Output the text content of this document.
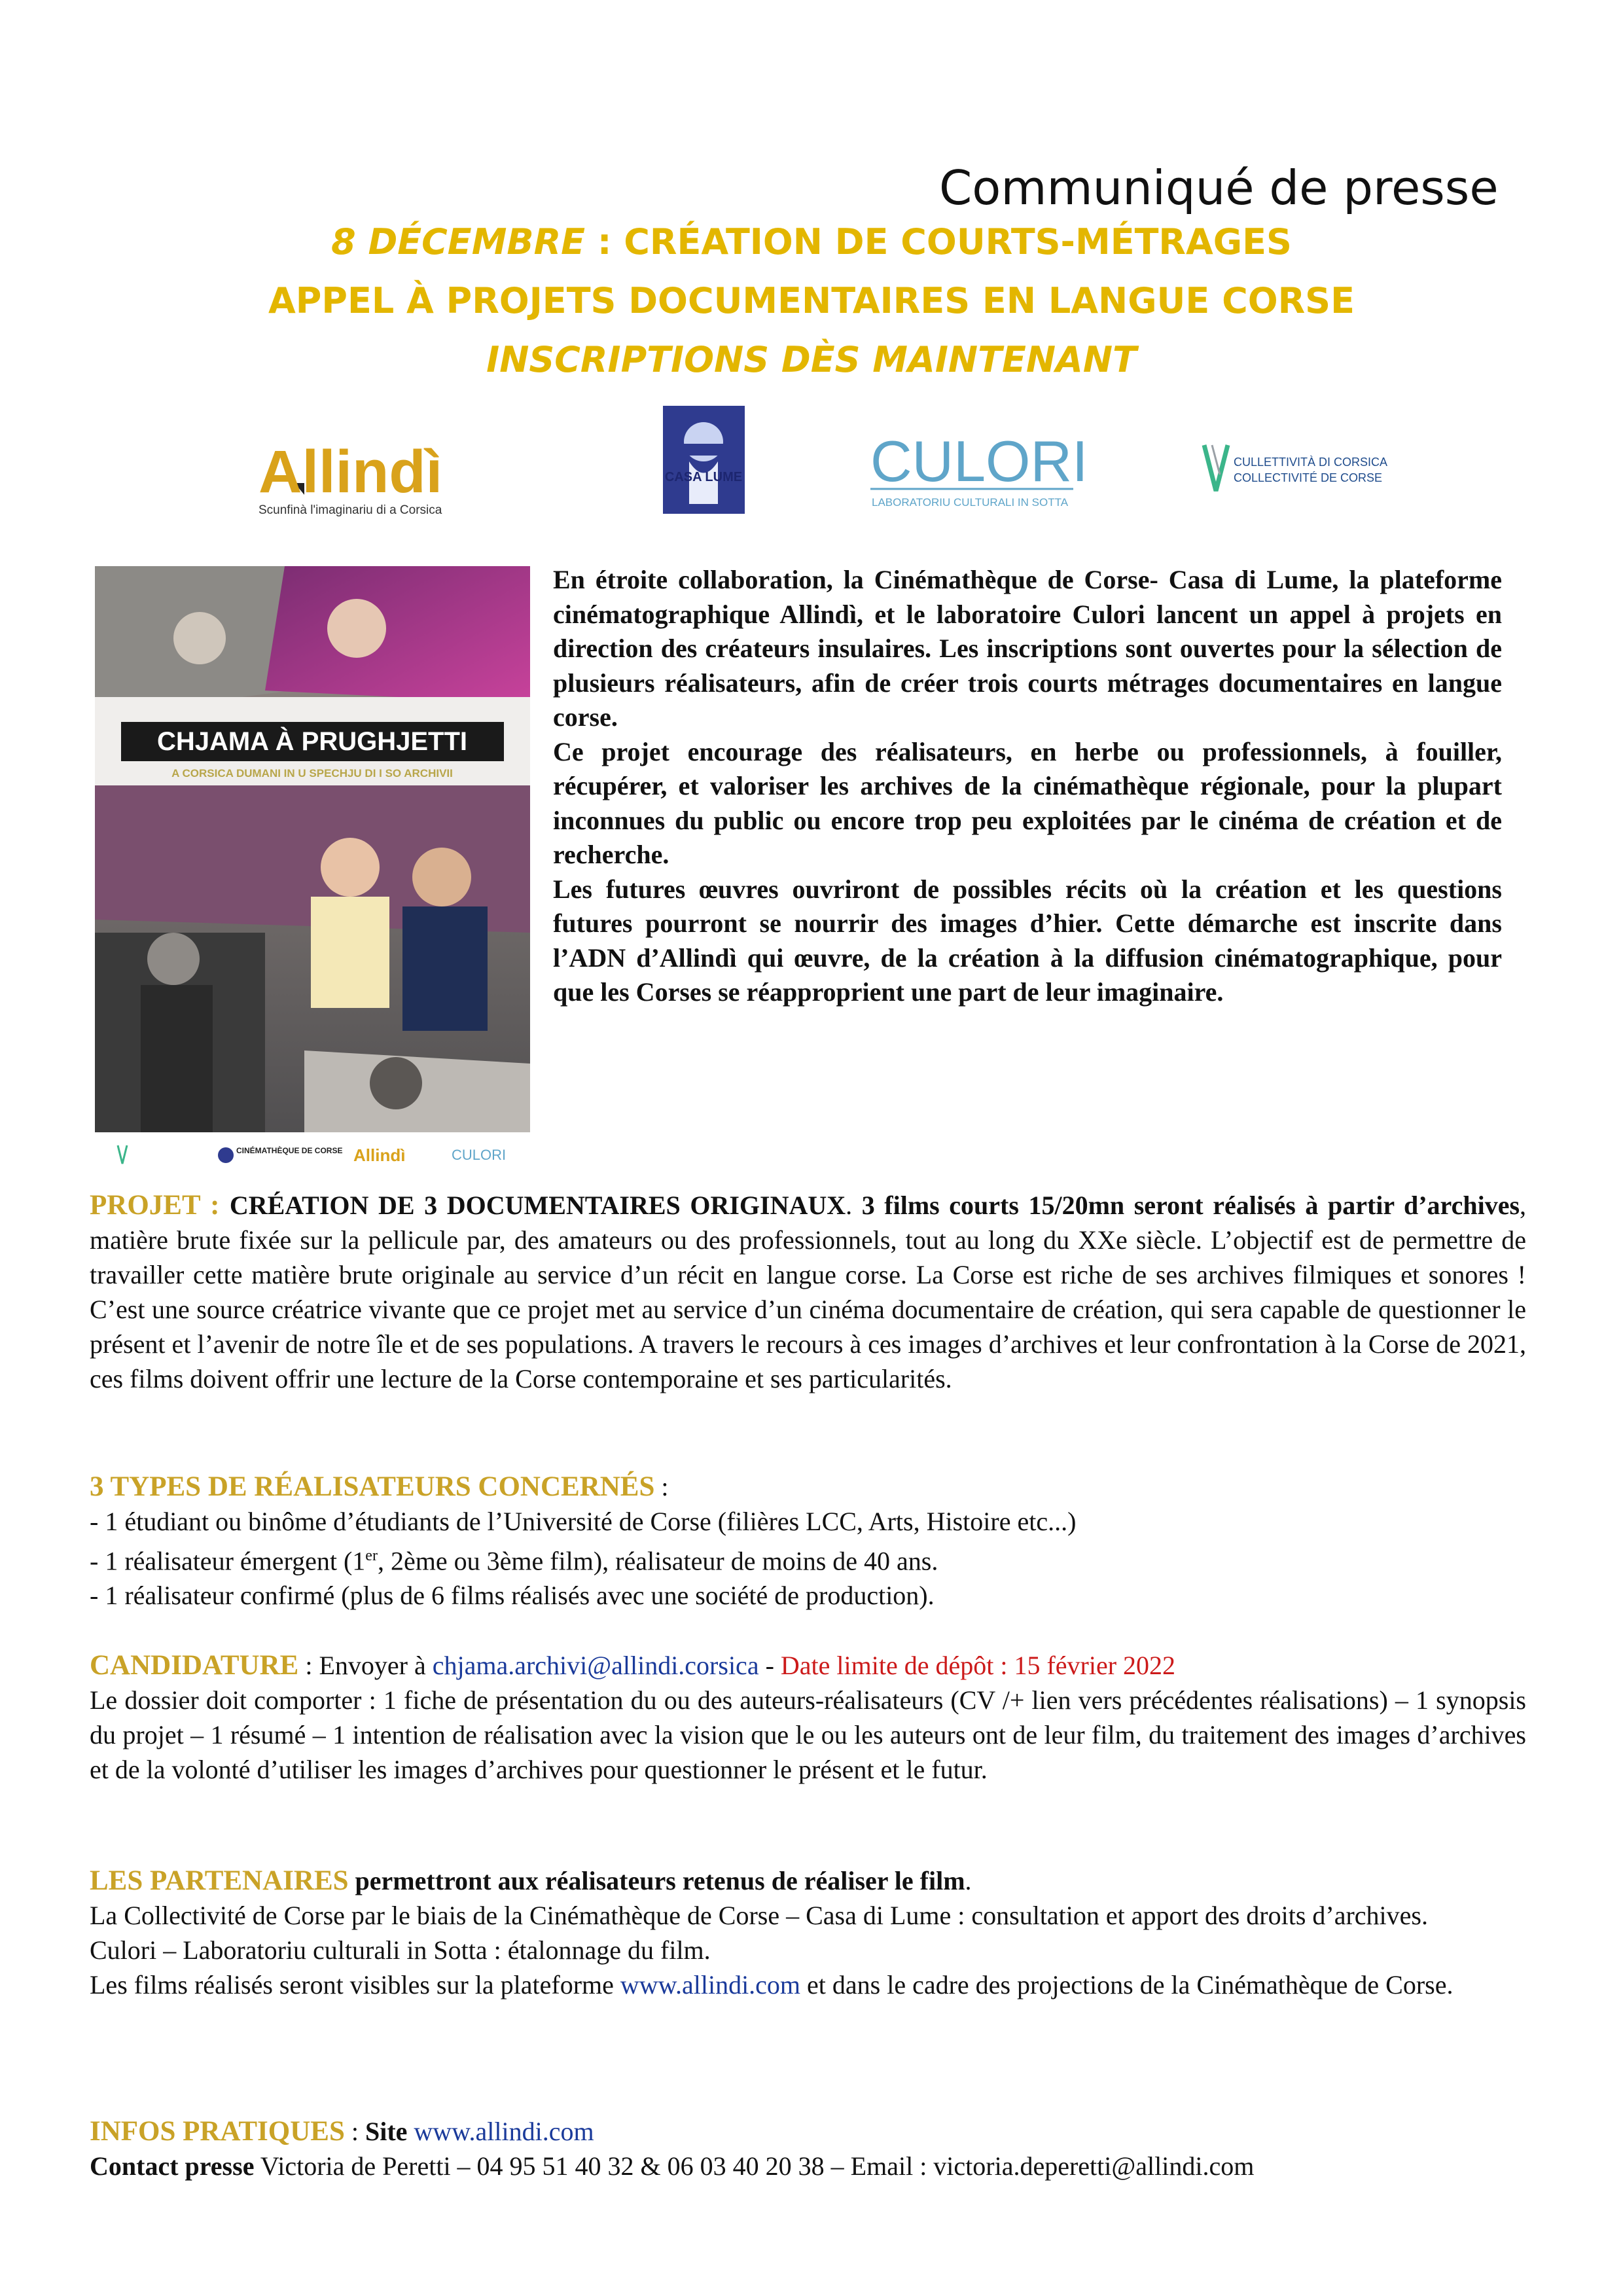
Communiqué de presse
8 DÉCEMBRE : CRÉATION DE COURTS-MÉTRAGES
APPEL À PROJETS DOCUMENTAIRES EN LANGUE CORSE
INSCRIPTIONS DÈS MAINTENANT
Allindì
Scunfinà l'imaginariu di a Corsica
CASA LUME CULORI
LABORATORIU CULTURALI IN SOTTA
CULLETTIVITÀ DI CORSICA
COLLECTIVITÉ DE CORSE
CHJAMA À PRUGHJETTI
A CORSICA DUMANI IN U SPECHJU DI I SO ARCHIVII
CINÉMATHÈQUE DE CORSE Allindì	CULORI

En étroite collaboration, la Cinémathèque de Corse- Casa di Lume, la plateforme cinématographique Allindì, et le laboratoire Culori lancent un appel à projets en direction des créateurs insulaires. Les inscriptions sont ouvertes pour la sélection de plusieurs réalisateurs, afin de créer trois courts métrages documentaires en langue corse.

Ce projet encourage des réalisateurs, en herbe ou professionnels, à fouiller, récupérer, et valoriser les archives de la cinémathèque régionale, pour la plupart inconnues du public ou encore trop peu exploitées par le cinéma de création et de recherche.

Les futures œuvres ouvriront de possibles récits où la création et les questions futures pourront se nourrir des images d’hier. Cette démarche est inscrite dans l’ADN d’Allindì qui œuvre, de la création à la diffusion cinématographique, pour que les Corses se réapproprient une part de leur imaginaire.

PROJET : CRÉATION DE 3 DOCUMENTAIRES ORIGINAUX. 3 films courts 15/20mn seront réalisés à partir d’archives, matière brute fixée sur la pellicule par, des amateurs ou des professionnels, tout au long du XXe siècle. L’objectif est de permettre de travailler cette matière brute originale au service d’un récit en langue corse. La Corse est riche de ses archives filmiques et sonores ! C’est une source créatrice vivante que ce projet met au service d’un cinéma documentaire de création, qui sera capable de questionner le présent et l’avenir de notre île et de ses populations. A travers le recours à ces images d’archives et leur confrontation à la Corse de 2021, ces films doivent offrir une lecture de la Corse contemporaine et ses particularités.

3 TYPES DE RÉALISATEURS CONCERNÉS :

- 1 étudiant ou binôme d’étudiants de l’Université de Corse (filières LCC, Arts, Histoire etc...)

- 1 réalisateur émergent (1er, 2ème ou 3ème film), réalisateur de moins de 40 ans.

- 1 réalisateur confirmé (plus de 6 films réalisés avec une société de production).

CANDIDATURE : Envoyer à chjama.archivi@allindi.corsica - Date limite de dépôt : 15 février 2022

Le dossier doit comporter : 1 fiche de présentation du ou des auteurs-réalisateurs (CV /+ lien vers précédentes réalisations) – 1 synopsis du projet – 1 résumé – 1 intention de réalisation avec la vision que le ou les auteurs ont de leur film, du traitement des images d’archives et de la volonté d’utiliser les images d’archives pour questionner le présent et le futur.

LES PARTENAIRES permettront aux réalisateurs retenus de réaliser le film.

La Collectivité de Corse par le biais de la Cinémathèque de Corse – Casa di Lume : consultation et apport des droits d’archives.

Culori – Laboratoriu culturali in Sotta : étalonnage du film.

Les films réalisés seront visibles sur la plateforme www.allindi.com et dans le cadre des projections de la Cinémathèque de Corse.

INFOS PRATIQUES : Site www.allindi.com

Contact presse Victoria de Peretti – 04 95 51 40 32 & 06 03 40 20 38 – Email : victoria.deperetti@allindi.com
